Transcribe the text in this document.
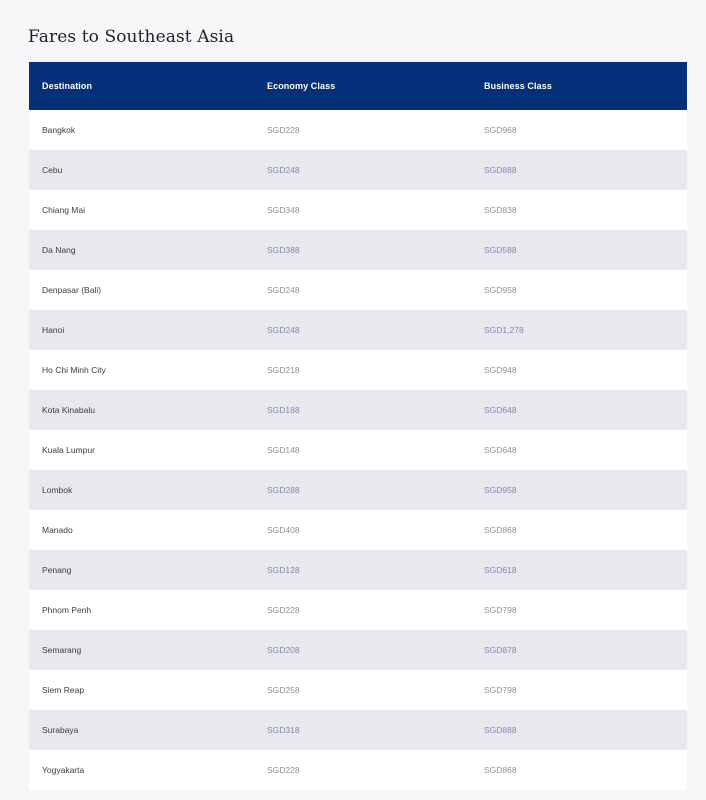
Fares to Southeast Asia
Destination	Economy Class	Business Class
Bangkok	SGD228	SGD968
Cebu	SGD248	SGD888
Chiang Mai	SGD348	SGD838
Da Nang	SGD388	SGD588
Denpasar (Bali)	SGD248	SGD958
Hanoi	SGD248	SGD1,278
Ho Chi Minh City	SGD218	SGD948
Kota Kinabalu	SGD188	SGD648
Kuala Lumpur	SGD148	SGD648
Lombok	SGD288	SGD958
Manado	SGD408	SGD868
Penang	SGD128	SGD618
Phnom Penh	SGD228	SGD798
Semarang	SGD208	SGD878
Siem Reap	SGD258	SGD798
Surabaya	SGD318	SGD888
Yogyakarta	SGD228	SGD868
